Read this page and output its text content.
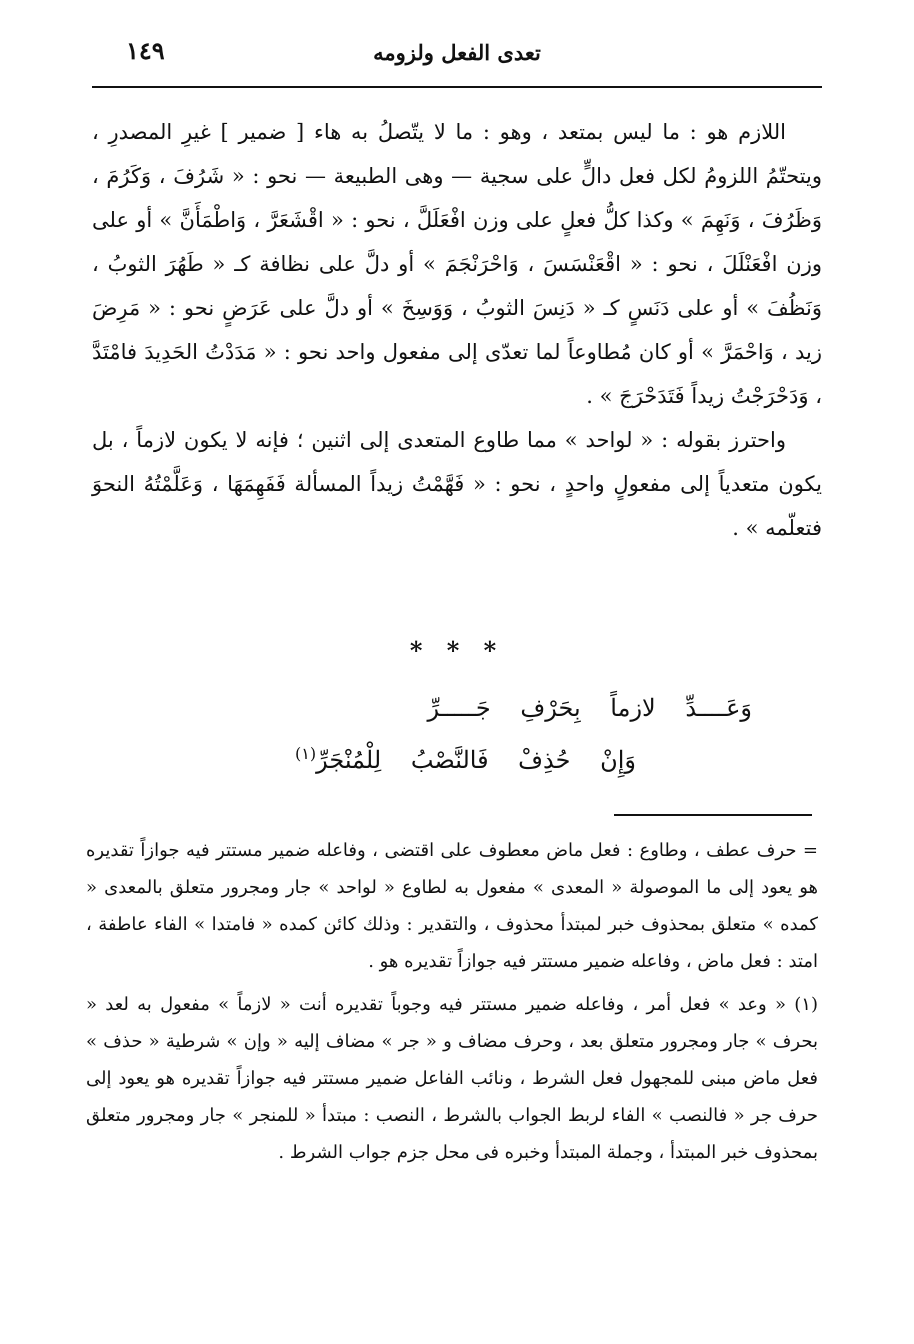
تعدى الفعل ولزومه
١٤٩

اللازم هو : ما ليس بمتعد ، وهو : ما لا يتّصلُ به هاء [ ضمير ] غيرِ المصدرِ ، ويتحتّمُ اللزومُ لكل فعل دالٍّ على سجية — وهى الطبيعة — نحو : « شَرُفَ ، وَكَرُمَ ، وَظَرُفَ ، وَنَهِمَ » وكذا كلُّ فعلٍ على وزن افْعَلَلَّ ، نحو : « اقْشَعَرَّ ، وَاطْمَأَنَّ » أو على وزن افْعَنْلَلَ ، نحو : « اقْعَنْسَسَ ، وَاحْرَنْجَمَ » أو دلَّ على نظافة كـ « طَهُرَ الثوبُ ، وَنَظُفَ » أو على دَنَسٍ كـ « دَنِسَ الثوبُ ، وَوَسِخَ » أو دلَّ على عَرَضٍ نحو : « مَرِضَ زيد ، وَاحْمَرَّ » أو كان مُطاوعاً لما تعدّى إلى مفعول واحد نحو : « مَدَدْتُ الحَدِيدَ فامْتَدَّ ، وَدَحْرَجْتُ زيداً فَتَدَحْرَجَ » .

واحترز بقوله : « لواحد » مما طاوع المتعدى إلى اثنين ؛ فإنه لا يكون لازماً ، بل يكون متعدياً إلى مفعولٍ واحدٍ ، نحو : « فَهَّمْتُ زيداً المسألة فَفَهِمَهَا ، وَعَلَّمْتُهُ النحوَ فتعلّمه » .

* * *
وَعَــــدِّ لازماً بِحَرْفِ جَـــــرِّ
وَإِنْ حُذِفْ فَالنَّصْبُ لِلْمُنْجَرِّ$^{(١)}$

= حرف عطف ، وطاوع : فعل ماض معطوف على اقتضى ، وفاعله ضمير مستتر فيه جوازاً تقديره هو يعود إلى ما الموصولة « المعدى » مفعول به لطاوع « لواحد » جار ومجرور متعلق بالمعدى « كمده » متعلق بمحذوف خبر لمبتدأ محذوف ، والتقدير : وذلك كائن كمده « فامتدا » الفاء عاطفة ، امتد : فعل ماض ، وفاعله ضمير مستتر فيه جوازاً تقديره هو .

(١) « وعد » فعل أمر ، وفاعله ضمير مستتر فيه وجوباً تقديره أنت « لازماً » مفعول به لعد « بحرف » جار ومجرور متعلق بعد ، وحرف مضاف و « جر » مضاف إليه « وإن » شرطية « حذف » فعل ماض مبنى للمجهول فعل الشرط ، ونائب الفاعل ضمير مستتر فيه جوازاً تقديره هو يعود إلى حرف جر « فالنصب » الفاء لربط الجواب بالشرط ، النصب : مبتدأ « للمنجر » جار ومجرور متعلق بمحذوف خبر المبتدأ ، وجملة المبتدأ وخبره فى محل جزم جواب الشرط .
